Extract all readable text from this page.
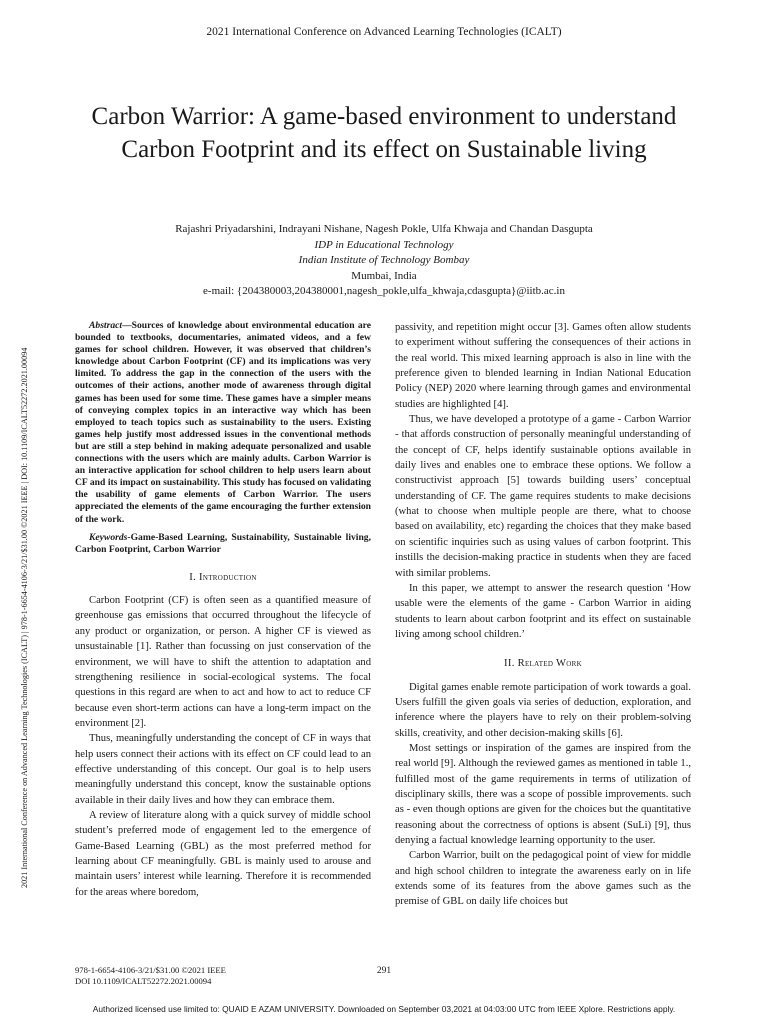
2021 International Conference on Advanced Learning Technologies (ICALT)
2021 International Conference on Advanced Learning Technologies (ICALT) | 978-1-6654-4106-3/21/$31.00 ©2021 IEEE | DOI: 10.1109/ICALT52272.2021.00094
Carbon Warrior: A game-based environment to understand Carbon Footprint and its effect on Sustainable living
Rajashri Priyadarshini, Indrayani Nishane, Nagesh Pokle, Ulfa Khwaja and Chandan Dasgupta
IDP in Educational Technology
Indian Institute of Technology Bombay
Mumbai, India
e-mail: {204380003,204380001,nagesh_pokle,ulfa_khwaja,cdasgupta}@iitb.ac.in

Abstract—Sources of knowledge about environmental education are bounded to textbooks, documentaries, animated videos, and a few games for school children. However, it was observed that children’s knowledge about Carbon Footprint (CF) and its implications was very limited. To address the gap in the connection of the users with the outcomes of their actions, another mode of awareness through digital games has been used for some time. These games have a simpler means of conveying complex topics in an interactive way which has been employed to teach topics such as sustainability to the users. Existing games help justify most addressed issues in the conventional methods but are still a step behind in making adequate personalized and usable connections with the users which are mainly adults. Carbon Warrior is an interactive application for school children to help users learn about CF and its impact on sustainability. This study has focused on validating the usability of game elements of Carbon Warrior. The users appreciated the elements of the game encouraging the further extension of the work.

Keywords-Game-Based Learning, Sustainability, Sustainable living, Carbon Footprint, Carbon Warrior

I. Introduction

Carbon Footprint (CF) is often seen as a quantified measure of greenhouse gas emissions that occurred throughout the lifecycle of any product or organization, or person. A higher CF is viewed as unsustainable [1]. Rather than focussing on just conservation of the environment, we will have to shift the attention to adaptation and strengthening resilience in social-ecological systems. The focal questions in this regard are when to act and how to act to reduce CF because even short-term actions can have a long-term impact on the environment [2].

Thus, meaningfully understanding the concept of CF in ways that help users connect their actions with its effect on CF could lead to an effective understanding of this concept. Our goal is to help users meaningfully understand this concept, know the sustainable options available in their daily lives and how they can embrace them.

A review of literature along with a quick survey of middle school student’s preferred mode of engagement led to the emergence of Game-Based Learning (GBL) as the most preferred method for learning about CF meaningfully. GBL is mainly used to arouse and maintain users’ interest while learning. Therefore it is recommended for the areas where boredom,

passivity, and repetition might occur [3]. Games often allow students to experiment without suffering the consequences of their actions in the real world. This mixed learning approach is also in line with the preference given to blended learning in Indian National Education Policy (NEP) 2020 where learning through games and environmental studies are highlighted [4].

Thus, we have developed a prototype of a game - Carbon Warrior - that affords construction of personally meaningful understanding of the concept of CF, helps identify sustainable options available in daily lives and enables one to embrace these options. We follow a constructivist approach [5] towards building users’ conceptual understanding of CF. The game requires students to make decisions (what to choose when multiple people are there, what to choose based on availability, etc) regarding the choices that they make based on scientific inquiries such as using values of carbon footprint. This instills the decision-making practice in students when they are faced with similar problems.

In this paper, we attempt to answer the research question ‘How usable were the elements of the game - Carbon Warrior in aiding students to learn about carbon footprint and its effect on sustainable living among school children.’

II. Related Work

Digital games enable remote participation of work towards a goal. Users fulfill the given goals via series of deduction, exploration, and inference where the players have to rely on their problem-solving skills, creativity, and other decision-making skills [6].

Most settings or inspiration of the games are inspired from the real world [9]. Although the reviewed games as mentioned in table 1., fulfilled most of the game requirements in terms of utilization of disciplinary skills, there was a scope of possible improvements. such as - even though options are given for the choices but the quantitative reasoning about the correctness of options is absent (SuLi) [9], thus denying a factual knowledge learning opportunity to the user.

Carbon Warrior, built on the pedagogical point of view for middle and high school children to integrate the awareness early on in life extends some of its features from the above games such as the premise of GBL on daily life choices but

978-1-6654-4106-3/21/$31.00 ©2021 IEEE
DOI 10.1109/ICALT52272.2021.00094
291
Authorized licensed use limited to: QUAID E AZAM UNIVERSITY. Downloaded on September 03,2021 at 04:03:00 UTC from IEEE Xplore. Restrictions apply.
